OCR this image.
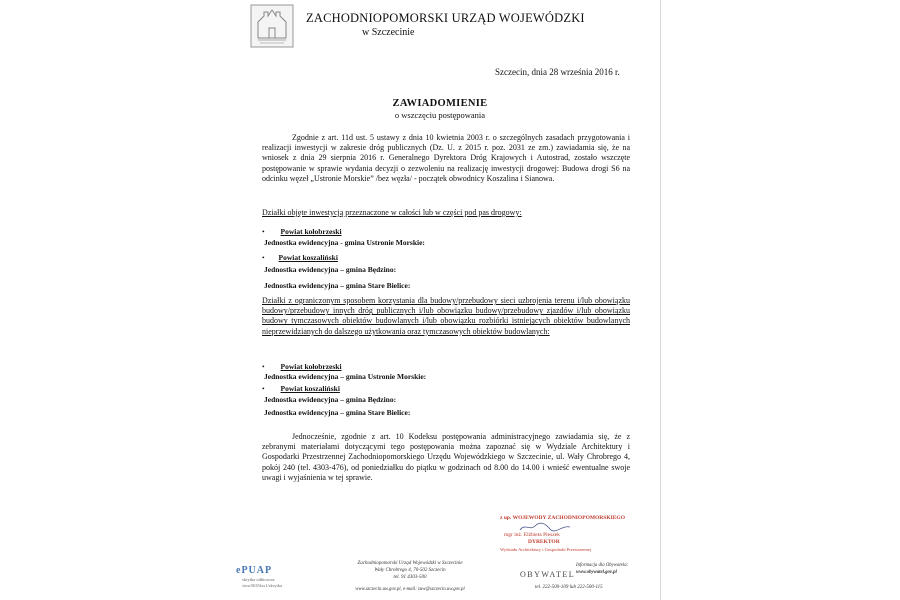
ZACHODNIOPOMORSKI URZĄD WOJEWÓDZKI
w Szczecinie
Szczecin, dnia 28 września 2016 r.
ZAWIADOMIENIE
o wszczęciu postępowania
Zgodnie z art. 11d ust. 5 ustawy z dnia 10 kwietnia 2003 r. o szczególnych zasadach przygotowania i realizacji inwestycji w zakresie dróg publicznych (Dz. U. z 2015 r. poz. 2031 ze zm.) zawiadamia się, że na wniosek z dnia 29 sierpnia 2016 r. Generalnego Dyrektora Dróg Krajowych i Autostrad, zostało wszczęte postępowanie w sprawie wydania decyzji o zezwoleniu na realizację inwestycji drogowej: Budowa drogi S6 na odcinku węzeł „Ustronie Morskie” /bez węzła/ - początek obwodnicy Koszalina i Sianowa.
Działki objęte inwestycją przeznaczone w całości lub w części pod pas drogowy:
• Powiat kołobrzeski
Jednostka ewidencyjna - gmina Ustronie Morskie:
• Powiat koszaliński
Jednostka ewidencyjna – gmina Będzino:
Jednostka ewidencyjna – gmina Stare Bielice:
Działki z ograniczonym sposobem korzystania dla budowy/przebudowy sieci uzbrojenia terenu i/lub obowiązku budowy/przebudowy innych dróg publicznych i/lub obowiązku budowy/przebudowy zjazdów i/lub obowiązku budowy tymczasowych obiektów budowlanych i/lub obowiązku rozbiórki istniejących obiektów budowlanych nieprzewidzianych do dalszego użytkowania oraz tymczasowych obiektów budowlanych:
• Powiat kołobrzeski
Jednostka ewidencyjna – gmina Ustronie Morskie:
• Powiat koszaliński
Jednostka ewidencyjna – gmina Będzino:
Jednostka ewidencyjna – gmina Stare Bielice:
Jednocześnie, zgodnie z art. 10 Kodeksu postępowania administracyjnego zawiadamia się, że z zebranymi materiałami dotyczącymi tego postępowania można zapoznać się w Wydziale Architektury i Gospodarki Przestrzennej Zachodniopomorskiego Urzędu Wojewódzkiego w Szczecinie, ul. Wały Chrobrego 4, pokój 240 (tel. 4303-476), od poniedziałku do piątku w godzinach od 8.00 do 14.00 i wnieść ewentualne swoje uwagi i wyjaśnienia w tej sprawie.
z up. WOJEWODY ZACHODNIOPOMORSKIEGO
mgr inż. Elżbieta Pieszek
DYREKTOR
Wydziału Architektury i Gospodarki Przestrzennej
ePUAP
skrytka odbiorcza:
/zuw5635fxs1/skrytka
Zachodniopomorski Urząd Wojewódzki w Szczecinie
Wały Chrobrego 4, 70-502 Szczecin
tel. 91 4303-500
www.szczecin.uw.gov.pl, e-mail: zuw@szczecin.uw.gov.pl
OBYWATEL
Informacja dla Obywatela:
www.obywatel.gov.pl
tel. 222-500-109 lub 222-500-115
